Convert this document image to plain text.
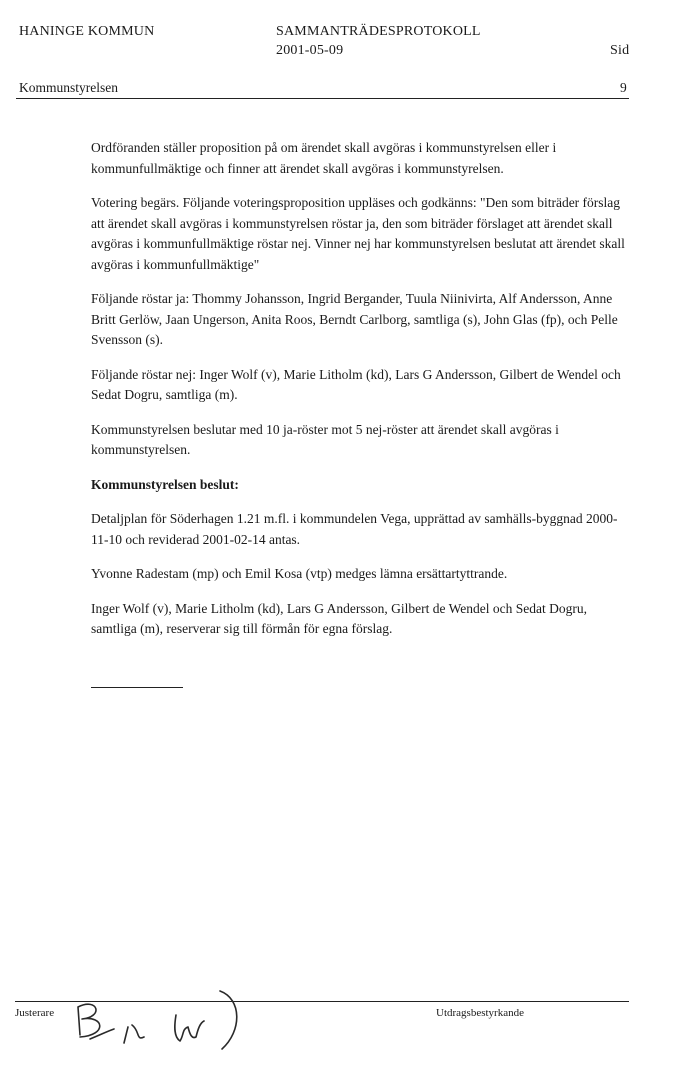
HANINGE KOMMUN	SAMMANTRÄDESPROTOKOLL
2001-05-09	Sid
Kommunstyrelsen	9

Ordföranden ställer proposition på om ärendet skall avgöras i kommunstyrelsen eller i kommunfullmäktige och finner att ärendet skall avgöras i kommunstyrelsen.

Votering begärs. Följande voteringsproposition uppläses och godkänns: "Den som biträder förslag att ärendet skall avgöras i kommunstyrelsen röstar ja, den som biträder förslaget att ärendet skall avgöras i kommunfullmäktige röstar nej. Vinner nej har kommunstyrelsen beslutat att ärendet skall avgöras i kommunfullmäktige"

Följande röstar ja: Thommy Johansson, Ingrid Bergander, Tuula Niinivirta, Alf Andersson, Anne Britt Gerlöw, Jaan Ungerson, Anita Roos, Berndt Carlborg, samtliga (s), John Glas (fp), och Pelle Svensson (s).

Följande röstar nej: Inger Wolf (v), Marie Litholm (kd), Lars G Andersson, Gilbert de Wendel och Sedat Dogru, samtliga (m).

Kommunstyrelsen beslutar med 10 ja-röster mot 5 nej-röster att ärendet skall avgöras i kommunstyrelsen.

Kommunstyrelsen beslut:

Detaljplan för Söderhagen 1.21 m.fl. i kommundelen Vega, upprättad av samhälls-byggnad 2000-11-10 och reviderad 2001-02-14 antas.

Yvonne Radestam (mp) och Emil Kosa (vtp) medges lämna ersättartyttrande.

Inger Wolf (v), Marie Litholm (kd), Lars G Andersson, Gilbert de Wendel och Sedat Dogru, samtliga (m), reserverar sig till förmån för egna förslag.

Justerare	Utdragsbestyrkande
